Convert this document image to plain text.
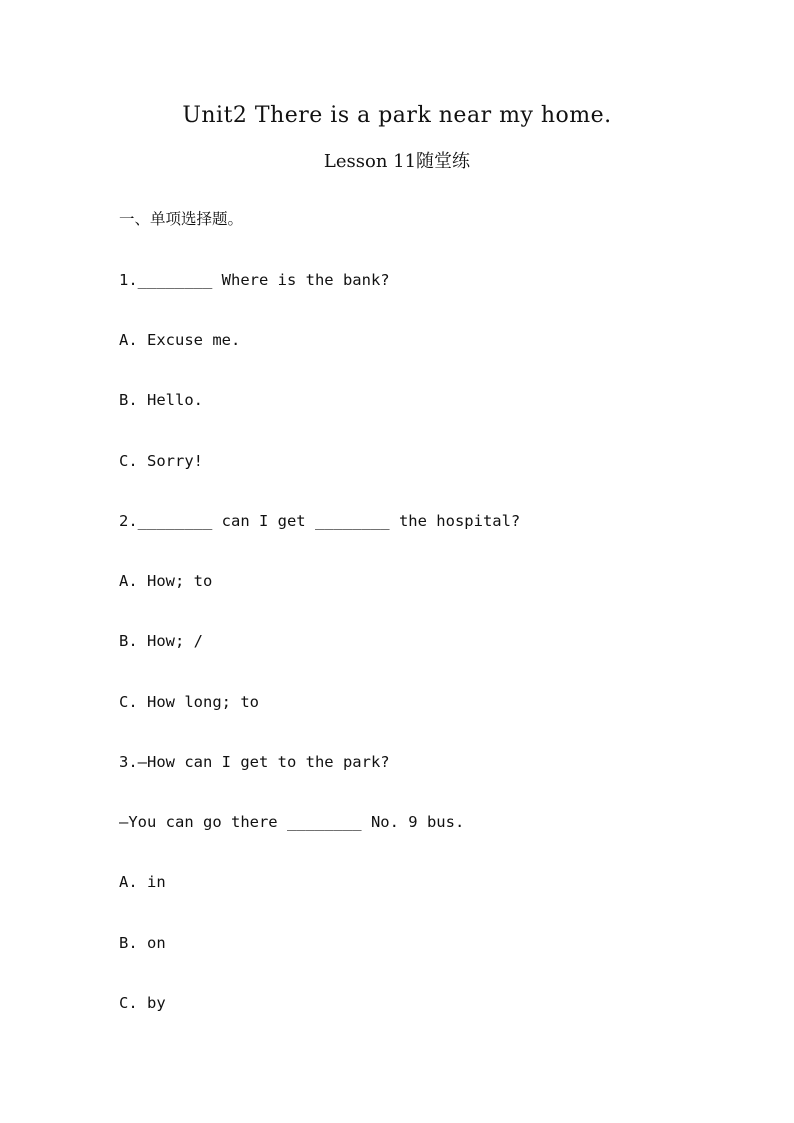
Unit2 There is a park near my home.
Lesson 11随堂练
一、单项选择题。
1.________ Where is the bank?
A. Excuse me.
B. Hello.
C. Sorry!
2.________ can I get ________ the hospital?
A. How; to
B. How; /
C. How long; to
3.—How can I get to the park?
—You can go there ________ No. 9 bus.
A. in
B. on
C. by
